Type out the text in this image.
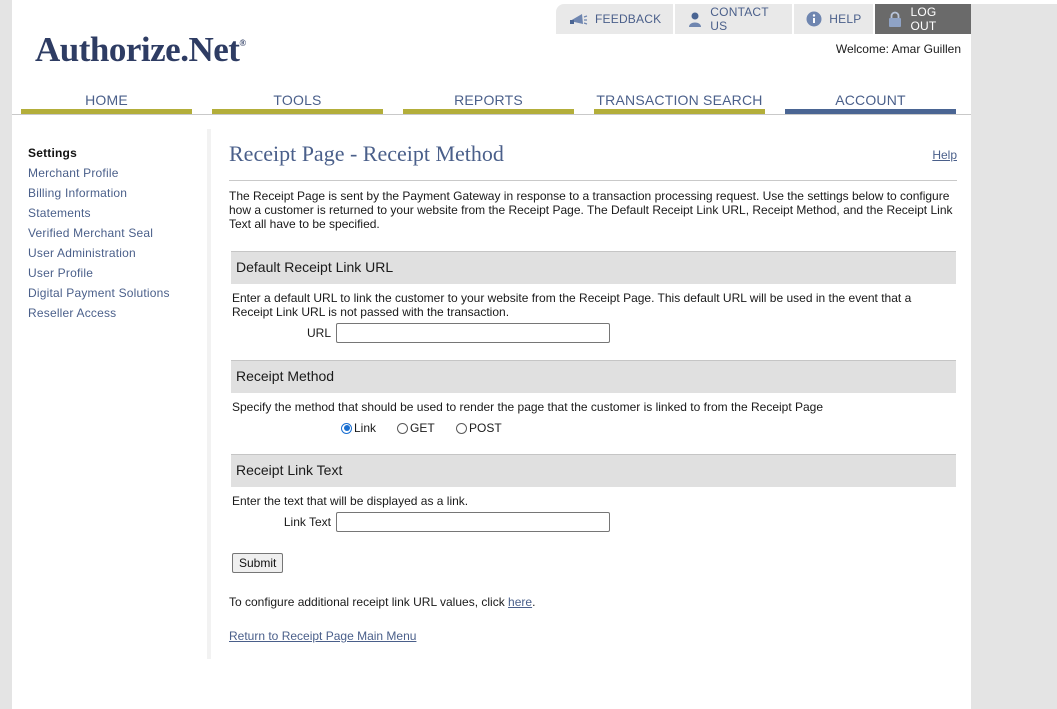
FEEDBACK	CONTACT US	HELP	LOG OUT
Authorize.Net®	Welcome: Amar Guillen
HOME	TOOLS	REPORTS	TRANSACTION SEARCH	ACCOUNT
Settings
Merchant Profile
Billing Information
Statements
Verified Merchant Seal
User Administration
User Profile
Digital Payment Solutions
Reseller Access
Receipt Page - Receipt Method	Help
The Receipt Page is sent by the Payment Gateway in response to a transaction processing request. Use the settings below to configure how a customer is returned to your website from the Receipt Page. The Default Receipt Link URL, Receipt Method, and the Receipt Link Text all have to be specified.
Default Receipt Link URL
Enter a default URL to link the customer to your website from the Receipt Page. This default URL will be used in the event that a Receipt Link URL is not passed with the transaction.
URL
Receipt Method
Specify the method that should be used to render the page that the customer is linked to from the Receipt Page
Link	GET	POST
Receipt Link Text
Enter the text that will be displayed as a link.
Link Text
Submit
To configure additional receipt link URL values, click here.
Return to Receipt Page Main Menu
